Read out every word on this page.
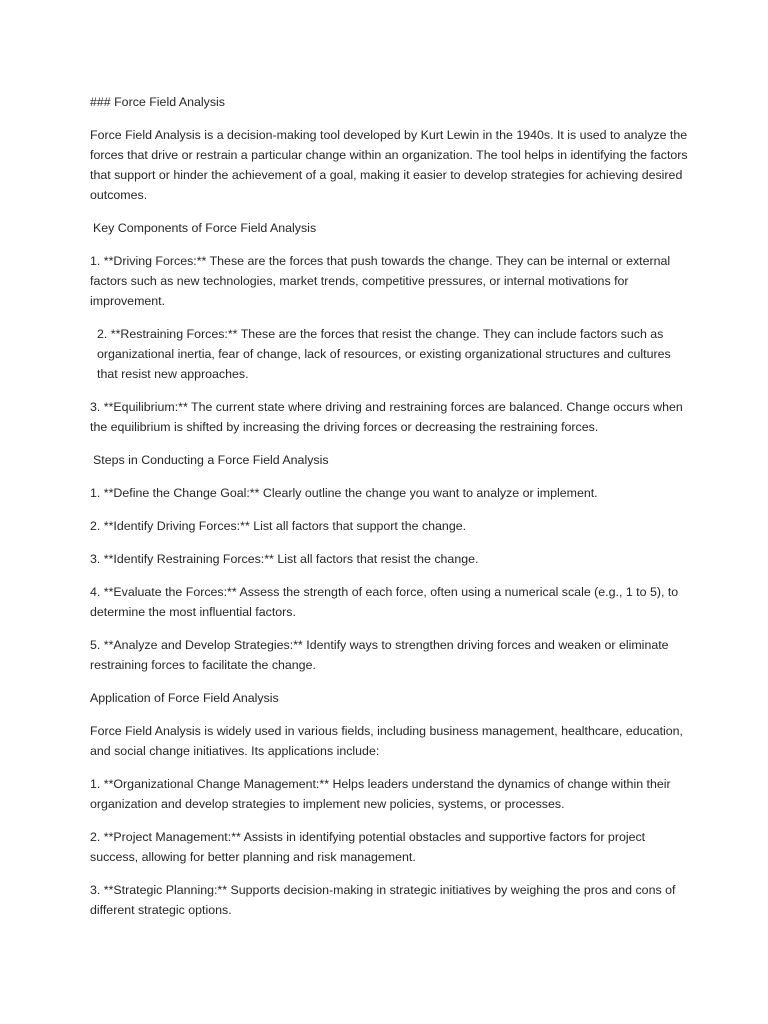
### Force Field Analysis

Force Field Analysis is a decision-making tool developed by Kurt Lewin in the 1940s. It is used to analyze the forces that drive or restrain a particular change within an organization. The tool helps in identifying the factors that support or hinder the achievement of a goal, making it easier to develop strategies for achieving desired outcomes.

Key Components of Force Field Analysis

1. **Driving Forces:** These are the forces that push towards the change. They can be internal or external factors such as new technologies, market trends, competitive pressures, or internal motivations for improvement.

2. **Restraining Forces:** These are the forces that resist the change. They can include factors such as organizational inertia, fear of change, lack of resources, or existing organizational structures and cultures that resist new approaches.

3. **Equilibrium:** The current state where driving and restraining forces are balanced. Change occurs when the equilibrium is shifted by increasing the driving forces or decreasing the restraining forces.

Steps in Conducting a Force Field Analysis

1. **Define the Change Goal:** Clearly outline the change you want to analyze or implement.

2. **Identify Driving Forces:** List all factors that support the change.

3. **Identify Restraining Forces:** List all factors that resist the change.

4. **Evaluate the Forces:** Assess the strength of each force, often using a numerical scale (e.g., 1 to 5), to determine the most influential factors.

5. **Analyze and Develop Strategies:** Identify ways to strengthen driving forces and weaken or eliminate restraining forces to facilitate the change.

Application of Force Field Analysis

Force Field Analysis is widely used in various fields, including business management, healthcare, education, and social change initiatives. Its applications include:

1. **Organizational Change Management:** Helps leaders understand the dynamics of change within their organization and develop strategies to implement new policies, systems, or processes.

2. **Project Management:** Assists in identifying potential obstacles and supportive factors for project success, allowing for better planning and risk management.

3. **Strategic Planning:** Supports decision-making in strategic initiatives by weighing the pros and cons of different strategic options.
